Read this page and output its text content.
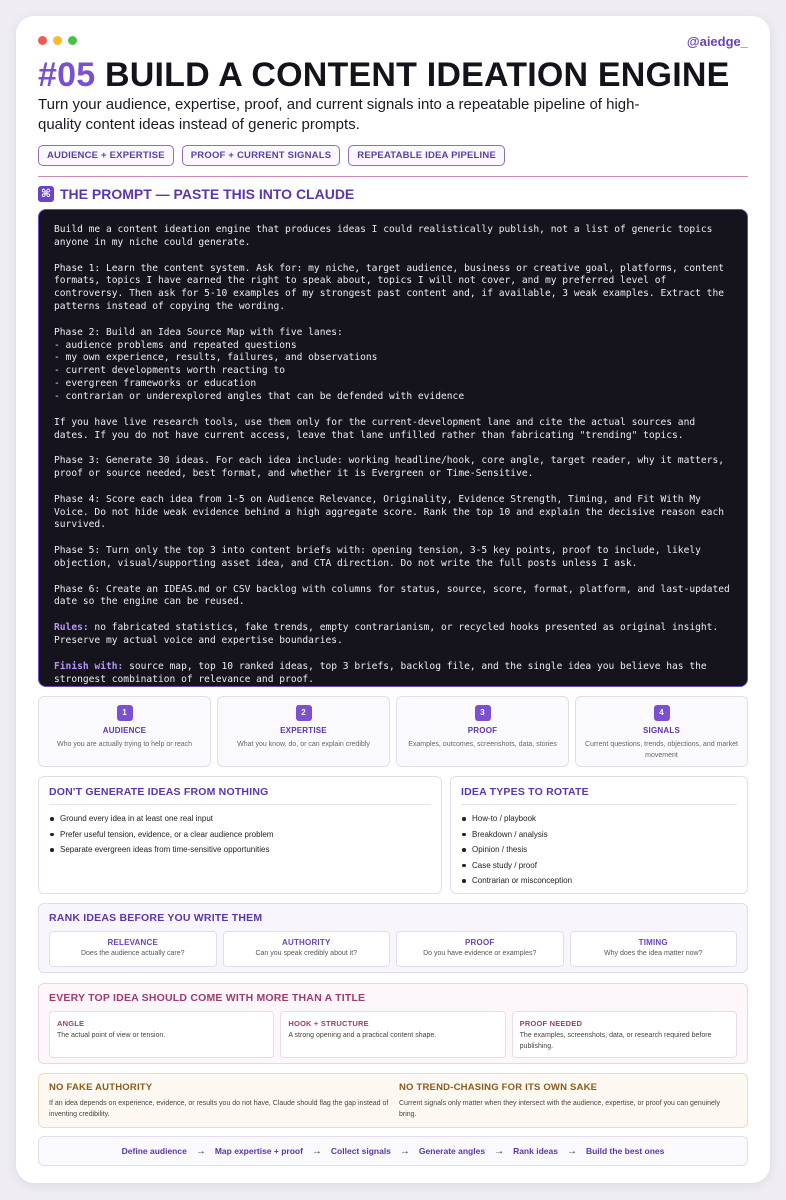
@aiedge_
#05 BUILD A CONTENT IDEATION ENGINE
Turn your audience, expertise, proof, and current signals into a repeatable pipeline of high-quality content ideas instead of generic prompts.
AUDIENCE + EXPERTISE	PROOF + CURRENT SIGNALS	REPEATABLE IDEA PIPELINE
⌘ THE PROMPT — PASTE THIS INTO CLAUDE

Build me a content ideation engine that produces ideas I could realistically publish, not a list of generic topics anyone in my niche could generate.

Phase 1: Learn the content system. Ask for: my niche, target audience, business or creative goal, platforms, content formats, topics I have earned the right to speak about, topics I will not cover, and my preferred level of controversy. Then ask for 5-10 examples of my strongest past content and, if available, 3 weak examples. Extract the patterns instead of copying the wording.

Phase 2: Build an Idea Source Map with five lanes:
- audience problems and repeated questions
- my own experience, results, failures, and observations
- current developments worth reacting to
- evergreen frameworks or education
- contrarian or underexplored angles that can be defended with evidence

If you have live research tools, use them only for the current-development lane and cite the actual sources and dates. If you do not have current access, leave that lane unfilled rather than fabricating "trending" topics.

Phase 3: Generate 30 ideas. For each idea include: working headline/hook, core angle, target reader, why it matters, proof or source needed, best format, and whether it is Evergreen or Time-Sensitive.

Phase 4: Score each idea from 1-5 on Audience Relevance, Originality, Evidence Strength, Timing, and Fit With My Voice. Do not hide weak evidence behind a high aggregate score. Rank the top 10 and explain the decisive reason each survived.

Phase 5: Turn only the top 3 into content briefs with: opening tension, 3-5 key points, proof to include, likely objection, visual/supporting asset idea, and CTA direction. Do not write the full posts unless I ask.

Phase 6: Create an IDEAS.md or CSV backlog with columns for status, source, score, format, platform, and last-updated date so the engine can be reused.

Rules: no fabricated statistics, fake trends, empty contrarianism, or recycled hooks presented as original insight. Preserve my actual voice and expertise boundaries.

Finish with: source map, top 10 ranked ideas, top 3 briefs, backlog file, and the single idea you believe has the strongest combination of relevance and proof.

1
AUDIENCE
Who you are actually trying to help or reach
2
EXPERTISE
What you know, do, or can explain credibly
3
PROOF
Examples, outcomes, screenshots, data, stories
4
SIGNALS
Current questions, trends, objections, and market movement
DON'T GENERATE IDEAS FROM NOTHING
Ground every idea in at least one real input
Prefer useful tension, evidence, or a clear audience problem
Separate evergreen ideas from time-sensitive opportunities
IDEA TYPES TO ROTATE
How-to / playbook
Breakdown / analysis
Opinion / thesis
Case study / proof
Contrarian or misconception
RANK IDEAS BEFORE YOU WRITE THEM
RELEVANCE
Does the audience actually care?
AUTHORITY
Can you speak credibly about it?
PROOF
Do you have evidence or examples?
TIMING
Why does the idea matter now?
EVERY TOP IDEA SHOULD COME WITH MORE THAN A TITLE
ANGLE
The actual point of view or tension.
HOOK + STRUCTURE
A strong opening and a practical content shape.
PROOF NEEDED
The examples, screenshots, data, or research required before publishing.
NO FAKE AUTHORITY
If an idea depends on experience, evidence, or results you do not have, Claude should flag the gap instead of inventing credibility.
NO TREND-CHASING FOR ITS OWN SAKE
Current signals only matter when they intersect with the audience, expertise, or proof you can genuinely bring.
Define audience → Map expertise + proof → Collect signals → Generate angles → Rank ideas → Build the best ones
